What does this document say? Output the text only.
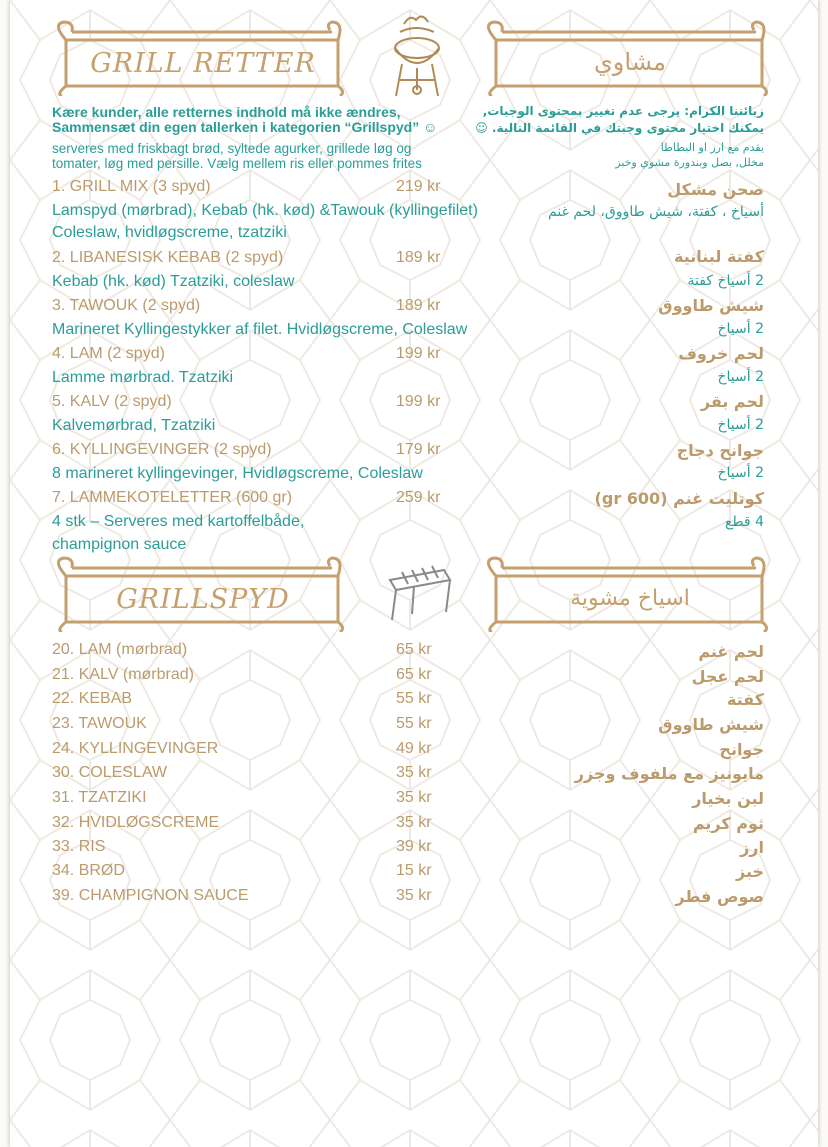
GRILL RETTER	مشاوي
Kære kunder, alle retternes indhold må ikke ændres,
Sammensæt din egen tallerken i kategorien “Grillspyd” ☺
serveres med friskbagt brød, syltede agurker, grillede løg og
tomater, løg med persille. Vælg mellem ris eller pommes frites
زبائننا الكرام: يرجى عدم تغيير بمحتوى الوجبات,
يمكنك اختيار محتوى وجبتك في القائمة التالية. ☺
يقدم مع ارز او البطاطا
مخلل, بصل وبندورة مشوي وخبز
1. GRILL MIX (3 spyd)	219 kr
Lamspyd (mørbrad), Kebab (hk. kød) &Tawouk (kyllingefilet)
Coleslaw, hvidløgscreme, tzatziki
صحن مشكل
أسياخ ، كفتة، شيش طاووق، لحم غنم
2. LIBANESISK KEBAB (2 spyd)	189 kr
Kebab (hk. kød) Tzatziki, coleslaw
كفتة لبنانية
2 أسياخ كفتة
3. TAWOUK (2 spyd)	189 kr
Marineret Kyllingestykker af filet. Hvidløgscreme, Coleslaw
شيش طاووق
2 أسياخ
4. LAM (2 spyd)	199 kr
Lamme mørbrad. Tzatziki
لحم خروف
2 أسياخ
5. KALV (2 spyd)	199 kr
Kalvemørbrad, Tzatziki
لحم بقر
2 أسياخ
6. KYLLINGEVINGER (2 spyd)	179 kr
8 marineret kyllingevinger, Hvidløgscreme, Coleslaw
جوانح دجاج
2 أسياخ
7. LAMMEKOTELETTER (600 gr)	259 kr
4 stk – Serveres med kartoffelbåde,
champignon sauce
كوتليت غنم (600 gr)
4 قطع
GRILLSPYD	اسياخ مشوية
20. LAM (mørbrad)	65 kr	لحم غنم
21. KALV (mørbrad)	65 kr	لحم عجل
22. KEBAB	55 kr	كفتة
23. TAWOUK	55 kr	شيش طاووق
24. KYLLINGEVINGER	49 kr	جوانح
30. COLESLAW	35 kr	مايونيز مع ملفوف وجزر
31. TZATZIKI	35 kr	لبن بخيار
32. HVIDLØGSCREME	35 kr	ثوم كريم
33. RIS	39 kr	ارز
34. BRØD	15 kr	خبز
39. CHAMPIGNON SAUCE	35 kr	صوص فطر
